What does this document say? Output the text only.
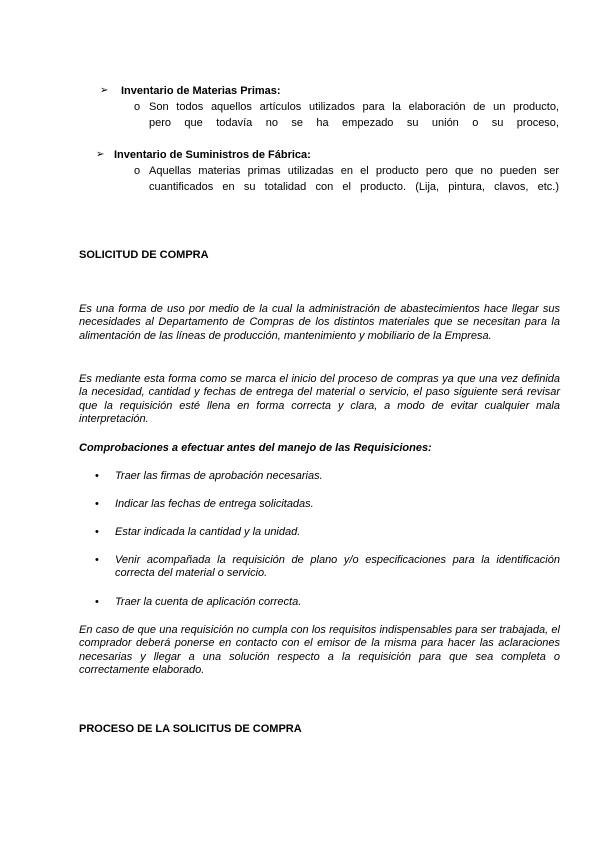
➢ Inventario de Materias Primas:
o Son todos aquellos artículos utilizados para la elaboración de un producto,
pero que todavía no se ha empezado su unión o su proceso,
➢ Inventario de Suministros de Fábrica:
o Aquellas materias primas utilizadas en el producto pero que no pueden ser
cuantificados en su totalidad con el producto. (Lija, pintura, clavos, etc.)
SOLICITUD DE COMPRA
Es una forma de uso por medio de la cual la administración de abastecimientos hace llegar sus necesidades al Departamento de Compras de los distintos materiales que se necesitan para la alimentación de las líneas de producción, mantenimiento y mobiliario de la Empresa.
Es mediante esta forma como se marca el inicio del proceso de compras ya que una vez definida la necesidad, cantidad y fechas de entrega del material o servicio, el paso siguiente será revisar que la requisición esté llena en forma correcta y clara, a modo de evitar cualquier mala interpretación.
Comprobaciones a efectuar antes del manejo de las Requisiciones:
• Traer las firmas de aprobación necesarias.
• Indicar las fechas de entrega solicitadas.
• Estar indicada la cantidad y la unidad.
• Venir acompañada la requisición de plano y/o especificaciones para la identificación correcta del material o servicio.
• Traer la cuenta de aplicación correcta.
En caso de que una requisición no cumpla con los requisitos indispensables para ser trabajada, el comprador deberá ponerse en contacto con el emisor de la misma para hacer las aclaraciones necesarias y llegar a una solución respecto a la requisición para que sea completa o correctamente elaborado.
PROCESO DE LA SOLICITUS DE COMPRA
